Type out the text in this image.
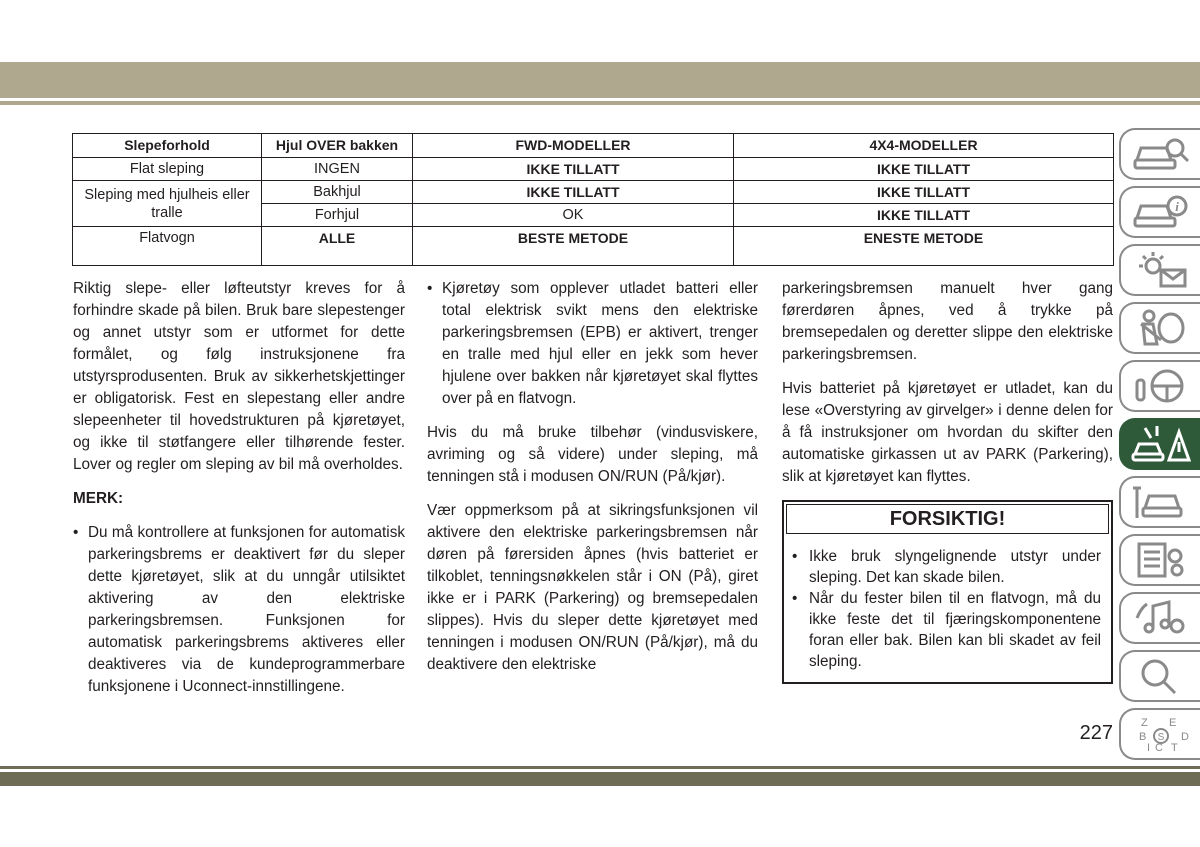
Slepeforhold	Hjul OVER bakken	FWD-MODELLER	4X4-MODELLER
Flat sleping	INGEN	IKKE TILLATT	IKKE TILLATT
Sleping med hjulheis eller tralle	Bakhjul	IKKE TILLATT	IKKE TILLATT
	Forhjul	OK	IKKE TILLATT
Flatvogn	ALLE	BESTE METODE	ENESTE METODE

Riktig slepe- eller løfteutstyr kreves for å forhindre skade på bilen. Bruk bare slepestenger og annet utstyr som er utformet for dette formålet, og følg instruksjonene fra utstyrsprodusenten. Bruk av sikkerhetskjettinger er obligatorisk. Fest en slepestang eller andre slepeenheter til hovedstrukturen på kjøretøyet, og ikke til støtfangere eller tilhørende fester. Lover og regler om sleping av bil må overholdes.

MERK:
• Du må kontrollere at funksjonen for automatisk parkeringsbrems er deaktivert før du sleper dette kjøretøyet, slik at du unngår utilsiktet aktivering av den elektriske parkeringsbremsen. Funksjonen for automatisk parkeringsbrems aktiveres eller deaktiveres via de kundeprogrammerbare funksjonene i Uconnect-innstillingene.
• Kjøretøy som opplever utladet batteri eller total elektrisk svikt mens den elektriske parkeringsbremsen (EPB) er aktivert, trenger en tralle med hjul eller en jekk som hever hjulene over bakken når kjøretøyet skal flyttes over på en flatvogn.

Hvis du må bruke tilbehør (vindusviskere, avriming og så videre) under sleping, må tenningen stå i modusen ON/RUN (På/kjør).

Vær oppmerksom på at sikringsfunksjonen vil aktivere den elektriske parkeringsbremsen når døren på førersiden åpnes (hvis batteriet er tilkoblet, tenningsnøkkelen står i ON (På), giret ikke er i PARK (Parkering) og bremsepedalen slippes). Hvis du sleper dette kjøretøyet med tenningen i modusen ON/RUN (På/kjør), må du deaktivere den elektriske

parkeringsbremsen manuelt hver gang førerdøren åpnes, ved å trykke på bremsepedalen og deretter slippe den elektriske parkeringsbremsen.

Hvis batteriet på kjøretøyet er utladet, kan du lese «Overstyring av girvelger» i denne delen for å få instruksjoner om hvordan du skifter den automatiske girkassen ut av PARK (Parkering), slik at kjøretøyet kan flyttes.

FORSIKTIG!
• Ikke bruk slyngelignende utstyr under sleping. Det kan skade bilen.
• Når du fester bilen til en flatvogn, må du ikke feste det til fjæringskomponentene foran eller bak. Bilen kan bli skadet av feil sleping.
i
Z E
B	D
I C T
S
227
